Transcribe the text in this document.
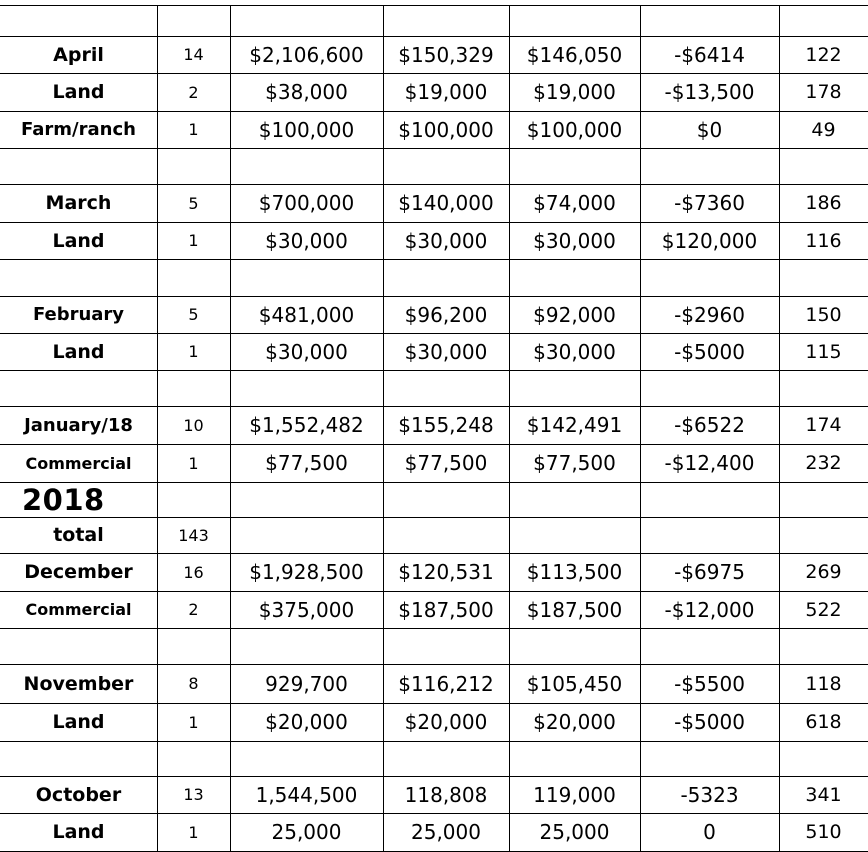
April	14	$2,106,600	$150,329	$146,050	-$6414	122
Land	2	$38,000	$19,000	$19,000	-$13,500	178
Farm/ranch	1	$100,000	$100,000	$100,000	$0	49
March	5	$700,000	$140,000	$74,000	-$7360	186
Land	1	$30,000	$30,000	$30,000	$120,000	116
February	5	$481,000	$96,200	$92,000	-$2960	150
Land	1	$30,000	$30,000	$30,000	-$5000	115
January/18	10	$1,552,482	$155,248	$142,491	-$6522	174
Commercial	1	$77,500	$77,500	$77,500	-$12,400	232
2018
total	143
December	16	$1,928,500	$120,531	$113,500	-$6975	269
Commercial	2	$375,000	$187,500	$187,500	-$12,000	522
November	8	929,700	$116,212	$105,450	-$5500	118
Land	1	$20,000	$20,000	$20,000	-$5000	618
October	13	1,544,500	118,808	119,000	-5323	341
Land	1	25,000	25,000	25,000	0	510
